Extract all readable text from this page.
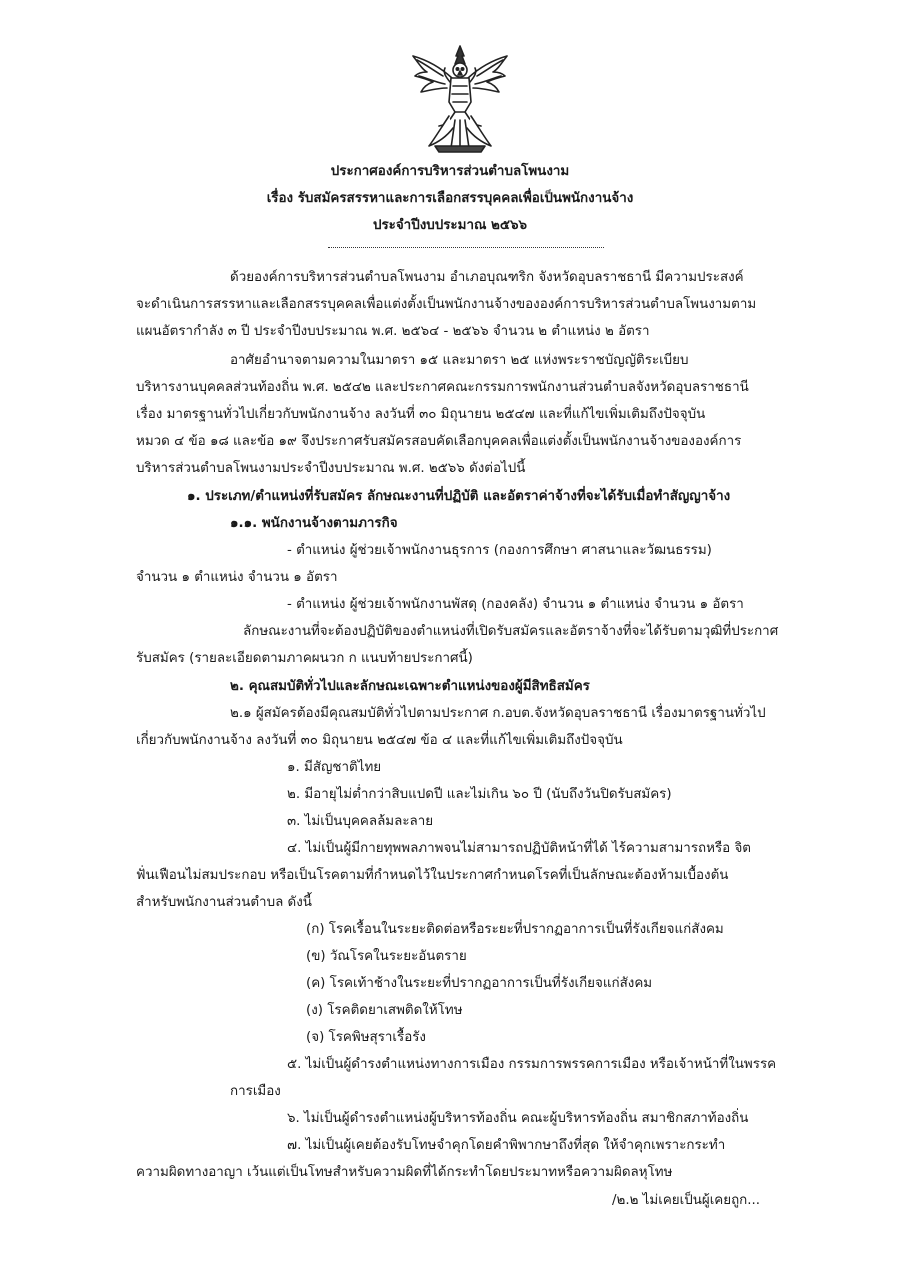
ประกาศองค์การบริหารส่วนตำบลโพนงาม
เรื่อง รับสมัครสรรหาและการเลือกสรรบุคคลเพื่อเป็นพนักงานจ้าง
ประจำปีงบประมาณ ๒๕๖๖
ด้วยองค์การบริหารส่วนตำบลโพนงาม อำเภอบุณฑริก จังหวัดอุบลราชธานี มีความประสงค์
จะดำเนินการสรรหาและเลือกสรรบุคคลเพื่อแต่งตั้งเป็นพนักงานจ้างขององค์การบริหารส่วนตำบลโพนงามตาม
แผนอัตรากำลัง ๓ ปี ประจำปีงบประมาณ พ.ศ. ๒๕๖๔ - ๒๕๖๖ จำนวน ๒ ตำแหน่ง ๒ อัตรา
อาศัยอำนาจตามความในมาตรา ๑๕ และมาตรา ๒๕ แห่งพระราชบัญญัติระเบียบ
บริหารงานบุคคลส่วนท้องถิ่น พ.ศ. ๒๕๔๒ และประกาศคณะกรรมการพนักงานส่วนตำบลจังหวัดอุบลราชธานี
เรื่อง มาตรฐานทั่วไปเกี่ยวกับพนักงานจ้าง ลงวันที่ ๓๐ มิถุนายน ๒๕๔๗ และที่แก้ไขเพิ่มเติมถึงปัจจุบัน
หมวด ๔ ข้อ ๑๘ และข้อ ๑๙ จึงประกาศรับสมัครสอบคัดเลือกบุคคลเพื่อแต่งตั้งเป็นพนักงานจ้างขององค์การ
บริหารส่วนตำบลโพนงามประจำปีงบประมาณ พ.ศ. ๒๕๖๖ ดังต่อไปนี้
๑. ประเภท/ตำแหน่งที่รับสมัคร ลักษณะงานที่ปฏิบัติ และอัตราค่าจ้างที่จะได้รับเมื่อทำสัญญาจ้าง
๑.๑. พนักงานจ้างตามภารกิจ
- ตำแหน่ง ผู้ช่วยเจ้าพนักงานธุรการ (กองการศึกษา ศาสนาและวัฒนธรรม)
จำนวน ๑ ตำแหน่ง จำนวน ๑ อัตรา
- ตำแหน่ง ผู้ช่วยเจ้าพนักงานพัสดุ (กองคลัง) จำนวน ๑ ตำแหน่ง จำนวน ๑ อัตรา
ลักษณะงานที่จะต้องปฏิบัติของตำแหน่งที่เปิดรับสมัครและอัตราจ้างที่จะได้รับตามวุฒิที่ประกาศ
รับสมัคร (รายละเอียดตามภาคผนวก ก แนบท้ายประกาศนี้)
๒. คุณสมบัติทั่วไปและลักษณะเฉพาะตำแหน่งของผู้มีสิทธิสมัคร
๒.๑ ผู้สมัครต้องมีคุณสมบัติทั่วไปตามประกาศ ก.อบต.จังหวัดอุบลราชธานี เรื่องมาตรฐานทั่วไป
เกี่ยวกับพนักงานจ้าง ลงวันที่ ๓๐ มิถุนายน ๒๕๔๗ ข้อ ๔ และที่แก้ไขเพิ่มเติมถึงปัจจุบัน
๑. มีสัญชาติไทย
๒. มีอายุไม่ต่ำกว่าสิบแปดปี และไม่เกิน ๖๐ ปี (นับถึงวันปิดรับสมัคร)
๓. ไม่เป็นบุคคลล้มละลาย
๔. ไม่เป็นผู้มีกายทุพพลภาพจนไม่สามารถปฏิบัติหน้าที่ได้ ไร้ความสามารถหรือ จิต
ฟั่นเฟือนไม่สมประกอบ หรือเป็นโรคตามที่กำหนดไว้ในประกาศกำหนดโรคที่เป็นลักษณะต้องห้ามเบื้องต้น
สำหรับพนักงานส่วนตำบล ดังนี้
(ก) โรคเรื้อนในระยะติดต่อหรือระยะที่ปรากฏอาการเป็นที่รังเกียจแก่สังคม
(ข) วัณโรคในระยะอันตราย
(ค) โรคเท้าช้างในระยะที่ปรากฏอาการเป็นที่รังเกียจแก่สังคม
(ง) โรคติดยาเสพติดให้โทษ
(จ) โรคพิษสุราเรื้อรัง
๕. ไม่เป็นผู้ดำรงตำแหน่งทางการเมือง กรรมการพรรคการเมือง หรือเจ้าหน้าที่ในพรรค
การเมือง
๖. ไม่เป็นผู้ดำรงตำแหน่งผู้บริหารท้องถิ่น คณะผู้บริหารท้องถิ่น สมาชิกสภาท้องถิ่น
๗. ไม่เป็นผู้เคยต้องรับโทษจำคุกโดยคำพิพากษาถึงที่สุด ให้จำคุกเพราะกระทำ
ความผิดทางอาญา เว้นแต่เป็นโทษสำหรับความผิดที่ได้กระทำโดยประมาทหรือความผิดลหุโทษ
/๒.๒ ไม่เคยเป็นผู้เคยถูก...
